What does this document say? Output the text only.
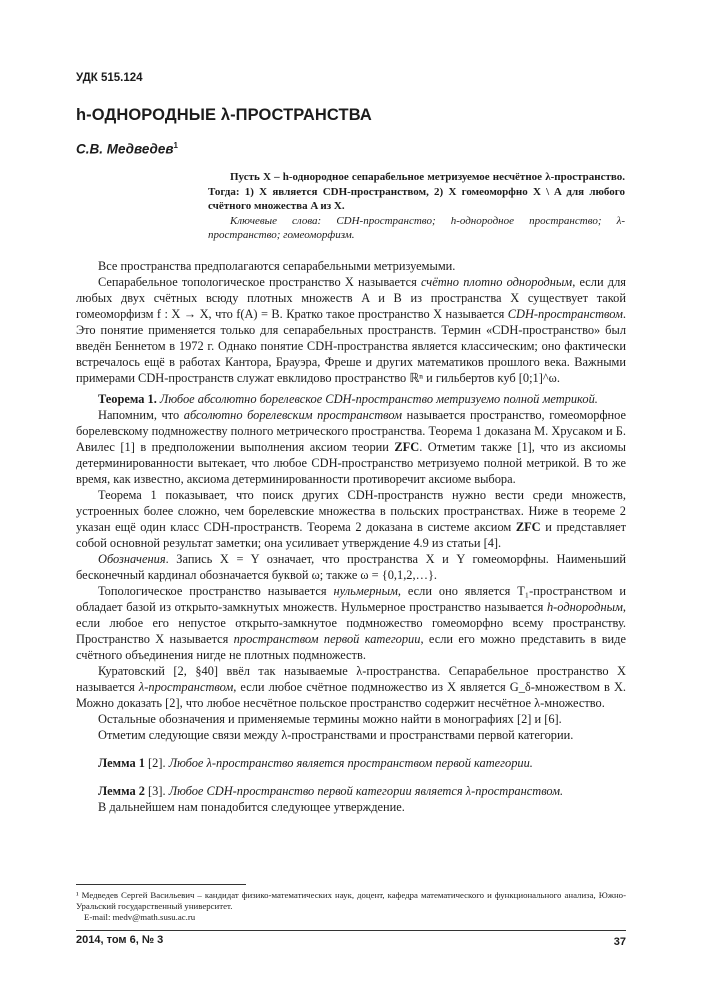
УДК 515.124
h-ОДНОРОДНЫЕ λ-ПРОСТРАНСТВА
С.В. Медведев$^1$

Пусть X – h-однородное сепарабельное метризуемое несчётное λ-пространство. Тогда: 1) X является CDH-пространством, 2) X гомеоморфно X \ A для любого счётного множества A из X.

Ключевые слова: CDH-пространство; h-однородное пространство; λ-пространство; гомеоморфизм.

Все пространства предполагаются сепарабельными метризуемыми.

Сепарабельное топологическое пространство X называется счётно плотно однородным, если для любых двух счётных всюду плотных множеств A и B из пространства X существует такой гомеоморфизм f : X → X, что f(A) = B. Кратко такое пространство X называется CDH-пространством. Это понятие применяется только для сепарабельных пространств. Термин «CDH-пространство» был введён Беннетом в 1972 г. Однако понятие CDH-пространства является классическим; оно фактически встречалось ещё в работах Кантора, Брауэра, Фреше и других математиков прошлого века. Важными примерами CDH-пространств служат евклидово пространство ℝⁿ и гильбертов куб [0;1]^ω.

Теорема 1. Любое абсолютно борелевское CDH-пространство метризуемо полной метрикой.

Напомним, что абсолютно борелевским пространством называется пространство, гомеоморфное борелевскому подмножеству полного метрического пространства. Теорема 1 доказана М. Хрусаком и Б. Авилес [1] в предположении выполнения аксиом теории ZFC. Отметим также [1], что из аксиомы детерминированности вытекает, что любое CDH-пространство метризуемо полной метрикой. В то же время, как известно, аксиома детерминированности противоречит аксиоме выбора.

Теорема 1 показывает, что поиск других CDH-пространств нужно вести среди множеств, устроенных более сложно, чем борелевские множества в польских пространствах. Ниже в теореме 2 указан ещё один класс CDH-пространств. Теорема 2 доказана в системе аксиом ZFC и представляет собой основной результат заметки; она усиливает утверждение 4.9 из статьи [4].

Обозначения. Запись X = Y означает, что пространства X и Y гомеоморфны. Наименьший бесконечный кардинал обозначается буквой ω; также ω = {0,1,2,…}.

Топологическое пространство называется нульмерным, если оно является T₁-пространством и обладает базой из открыто-замкнутых множеств. Нульмерное пространство называется h-однородным, если любое его непустое открыто-замкнутое подмножество гомеоморфно всему пространству. Пространство X называется пространством первой категории, если его можно представить в виде счётного объединения нигде не плотных подмножеств.

Куратовский [2, §40] ввёл так называемые λ-пространства. Сепарабельное пространство X называется λ-пространством, если любое счётное подмножество из X является G_δ-множеством в X. Можно доказать [2], что любое несчётное польское пространство содержит несчётное λ-множество.

Остальные обозначения и применяемые термины можно найти в монографиях [2] и [6].

Отметим следующие связи между λ-пространствами и пространствами первой категории.

Лемма 1 [2]. Любое λ-пространство является пространством первой категории.

Лемма 2 [3]. Любое CDH-пространство первой категории является λ-пространством.

В дальнейшем нам понадобится следующее утверждение.

¹ Медведев Сергей Васильевич – кандидат физико-математических наук, доцент, кафедра математического и функционального анализа, Южно-Уральский государственный университет.

E-mail: medv@math.susu.ac.ru

2014, том 6, № 3	37
